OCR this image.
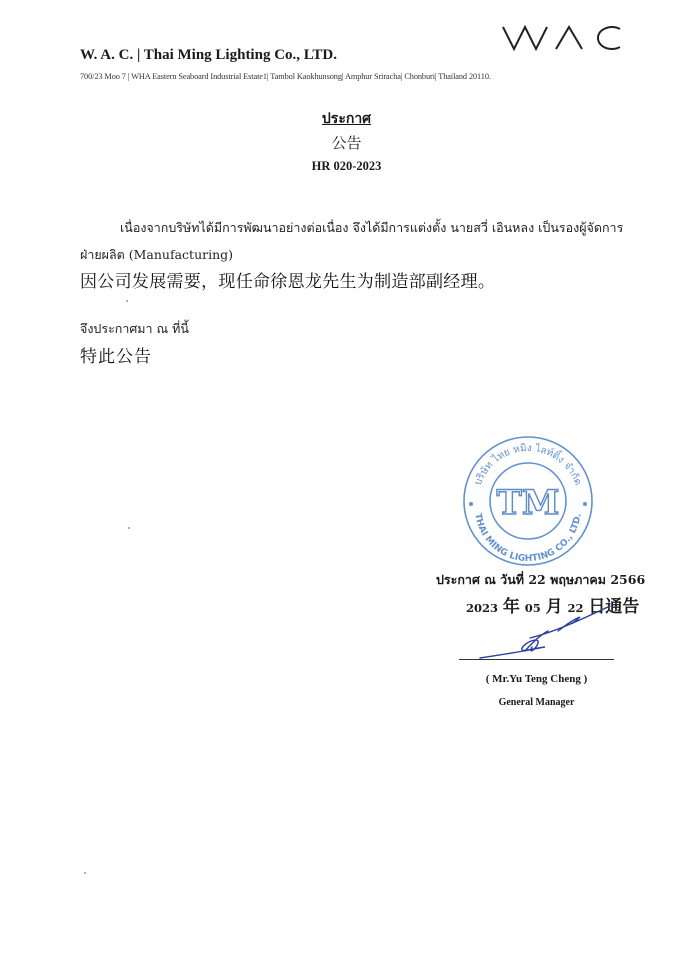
W. A. C. | Thai Ming Lighting Co., LTD.
700/23 Moo 7 | WHA Eastern Seaboard Industrial Estate1| Tambol Kaokhunsong| Amphur Sriracha| Chonburi| Thailand 20110.
ประกาศ
公告
HR 020-2023
เนื่องจากบริษัทได้มีการพัฒนาอย่างต่อเนื่อง จึงได้มีการแต่งตั้ง นายสวี่ เอินหลง เป็นรองผู้จัดการ
ฝ่ายผลิต (Manufacturing)
因公司发展需要，现任命徐恩龙先生为制造部副经理。
จึงประกาศมา ณ ที่นี้
特此公告
บริษัท ไทย หมิง ไลท์ติ้ง จำกัด
THAI MING LIGHTING CO., LTD.
TM
ประกาศ ณ วันที่ 22 พฤษภาคม 2566
2023 年 05 月 22 日通告
( Mr.Yu Teng Cheng )
General Manager
